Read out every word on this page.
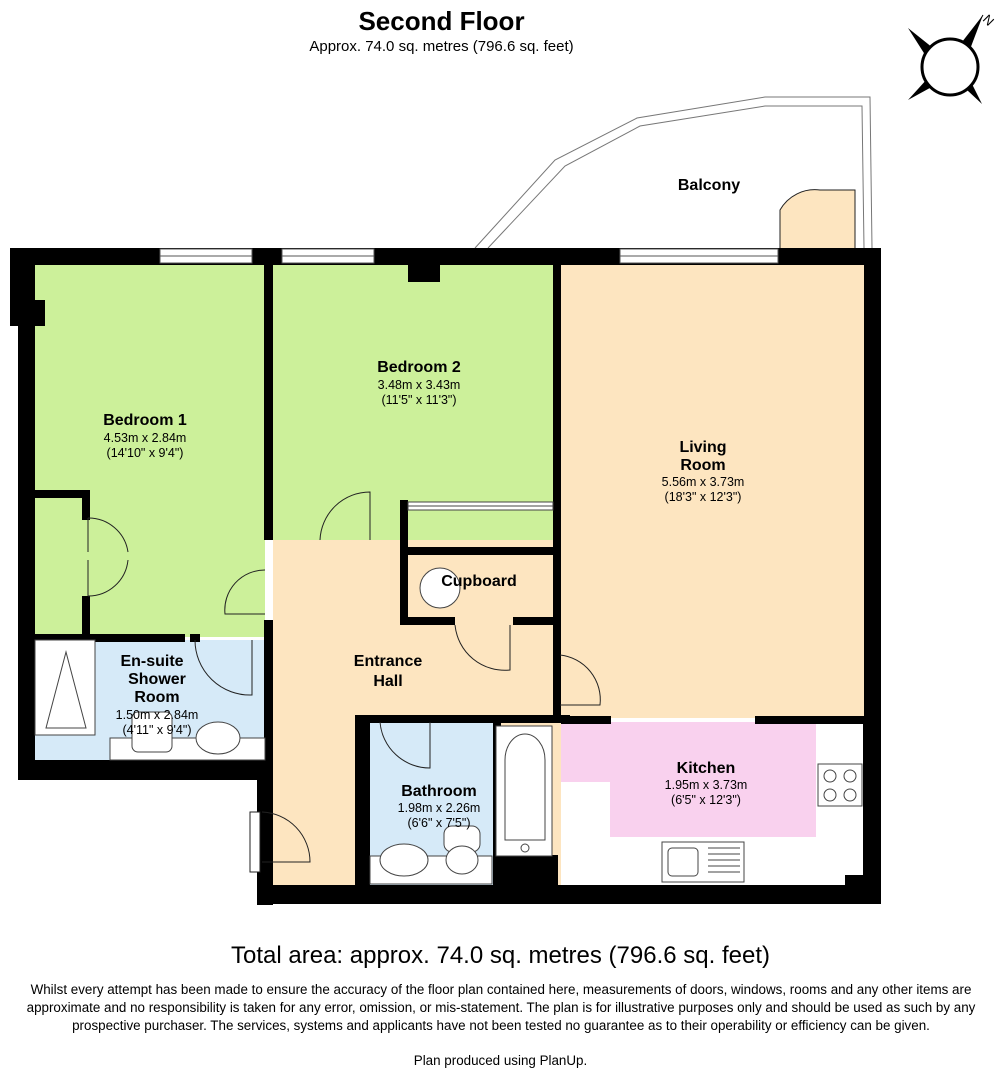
Second Floor
Approx. 74.0 sq. metres (796.6 sq. feet)
N
Balcony
Bedroom 1
4.53m x 2.84m
(14'10" x 9'4")
Bedroom 2
3.48m x 3.43m
(11'5" x 11'3")
Living
Room
5.56m x 3.73m
(18'3" x 12'3")
Cupboard
Entrance
Hall
En-suite
Shower
Room
1.50m x 2.84m
(4'11" x 9'4")
Bathroom
1.98m x 2.26m
(6'6" x 7'5")
Kitchen
1.95m x 3.73m
(6'5" x 12'3")
Total area: approx. 74.0 sq. metres (796.6 sq. feet)
Whilst every attempt has been made to ensure the accuracy of the floor plan contained here, measurements of doors, windows, rooms and any other items are approximate and no responsibility is taken for any error, omission, or mis-statement. The plan is for illustrative purposes only and should be used as such by any prospective purchaser. The services, systems and applicants have not been tested no guarantee as to their operability or efficiency can be given.
Plan produced using PlanUp.
